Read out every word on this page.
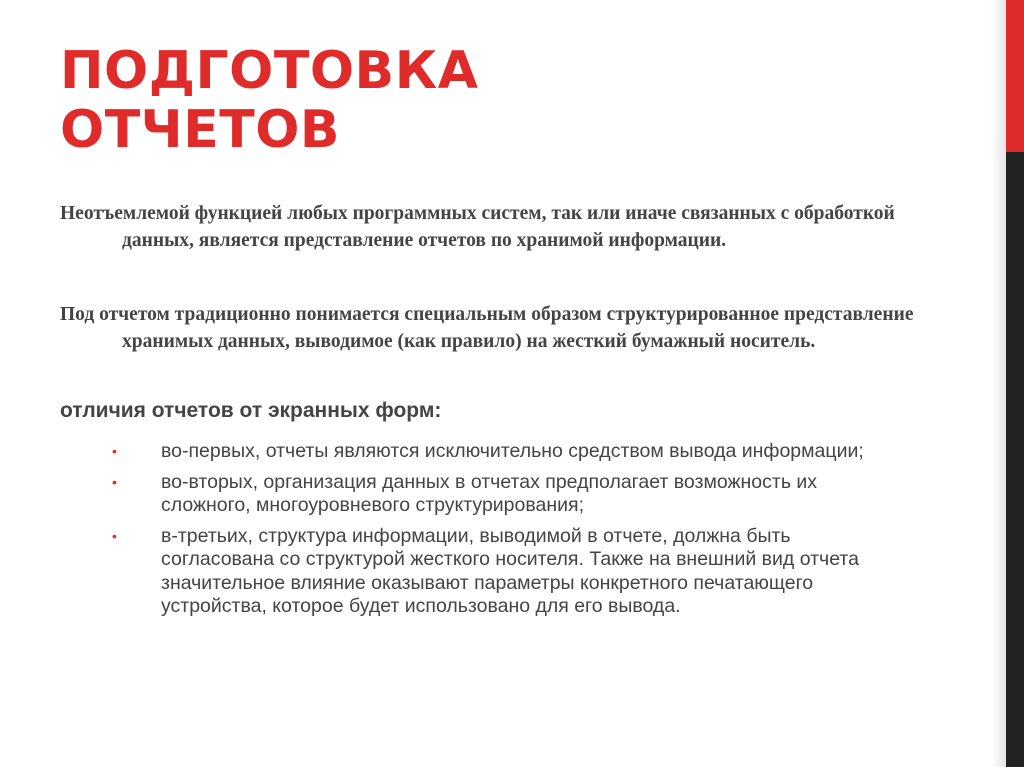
ПОДГОТОВКА
ОТЧЕТОВ

Неотъемлемой функцией любых программных систем, так или иначе связанных с обработкой данных, является представление отчетов по хранимой информации.

Под отчетом традиционно понимается специальным образом структурированное представление хранимых данных, выводимое (как правило) на жесткий бумажный носитель.

отличия отчетов от экранных форм:

• во-первых, отчеты являются исключительно средством вывода информации;
• во-вторых, организация данных в отчетах предполагает возможность их сложного, многоуровневого структурирования;
• в-третьих, структура информации, выводимой в отчете, должна быть согласована со структурой жесткого носителя. Также на внешний вид отчета значительное влияние оказывают параметры конкретного печатающего устройства, которое будет использовано для его вывода.
